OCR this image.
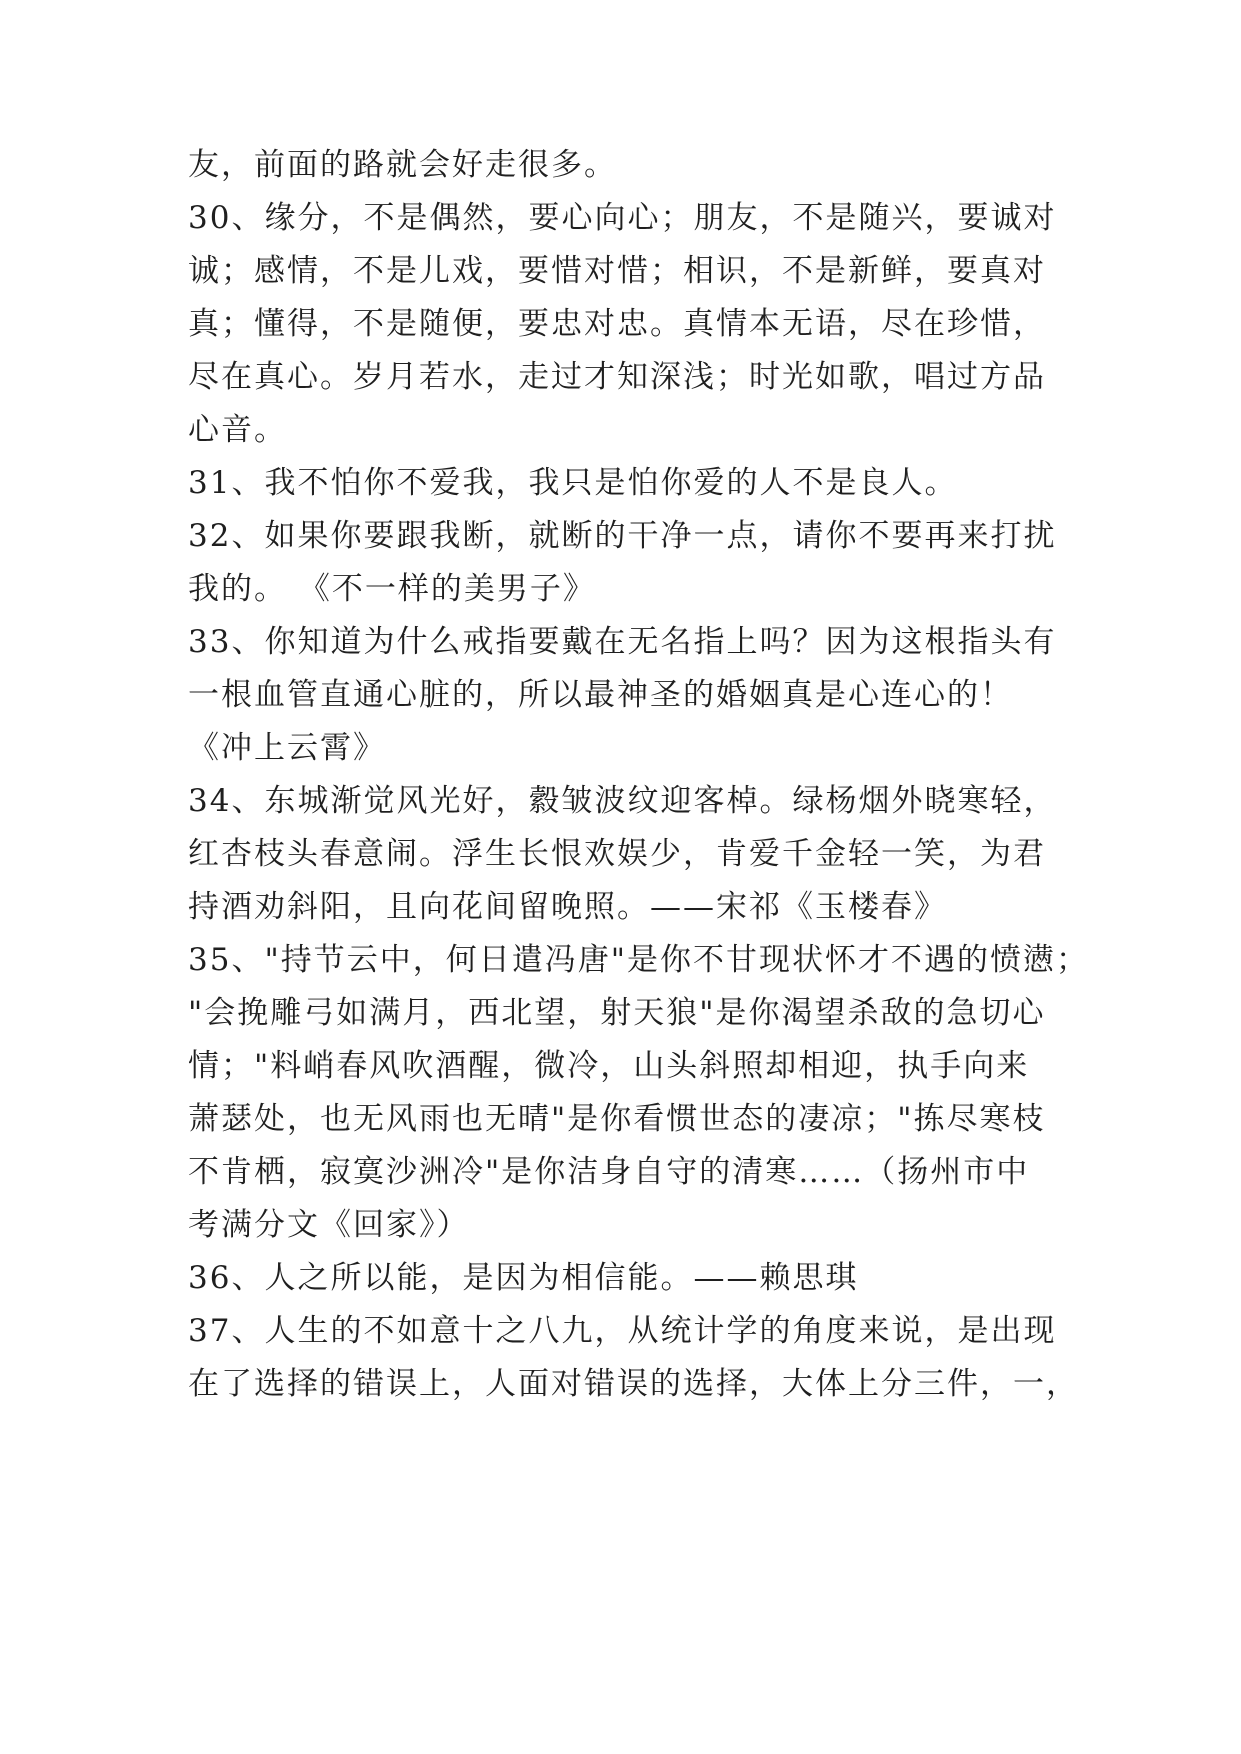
友，前面的路就会好走很多。
30、缘分，不是偶然，要心向心；朋友，不是随兴，要诚对
诚；感情，不是儿戏，要惜对惜；相识，不是新鲜，要真对
真；懂得，不是随便，要忠对忠。真情本无语，尽在珍惜，
尽在真心。岁月若水，走过才知深浅；时光如歌，唱过方品
心音。
31、我不怕你不爱我，我只是怕你爱的人不是良人。
32、如果你要跟我断，就断的干净一点，请你不要再来打扰
我的。 《不一样的美男子》
33、你知道为什么戒指要戴在无名指上吗？因为这根指头有
一根血管直通心脏的，所以最神圣的婚姻真是心连心的！
《冲上云霄》
34、东城渐觉风光好，縠皱波纹迎客棹。绿杨烟外晓寒轻，
红杏枝头春意闹。浮生长恨欢娱少，肯爱千金轻一笑，为君
持酒劝斜阳，且向花间留晚照。——宋祁《玉楼春》
35、"持节云中，何日遣冯唐"是你不甘现状怀才不遇的愤懑；
"会挽雕弓如满月，西北望，射天狼"是你渴望杀敌的急切心
情；"料峭春风吹酒醒，微冷，山头斜照却相迎，执手向来
萧瑟处，也无风雨也无晴"是你看惯世态的凄凉；"拣尽寒枝
不肯栖，寂寞沙洲冷"是你洁身自守的清寒……（扬州市中
考满分文《回家》）
36、人之所以能，是因为相信能。——赖思琪
37、人生的不如意十之八九，从统计学的角度来说，是出现
在了选择的错误上，人面对错误的选择，大体上分三件，一，
